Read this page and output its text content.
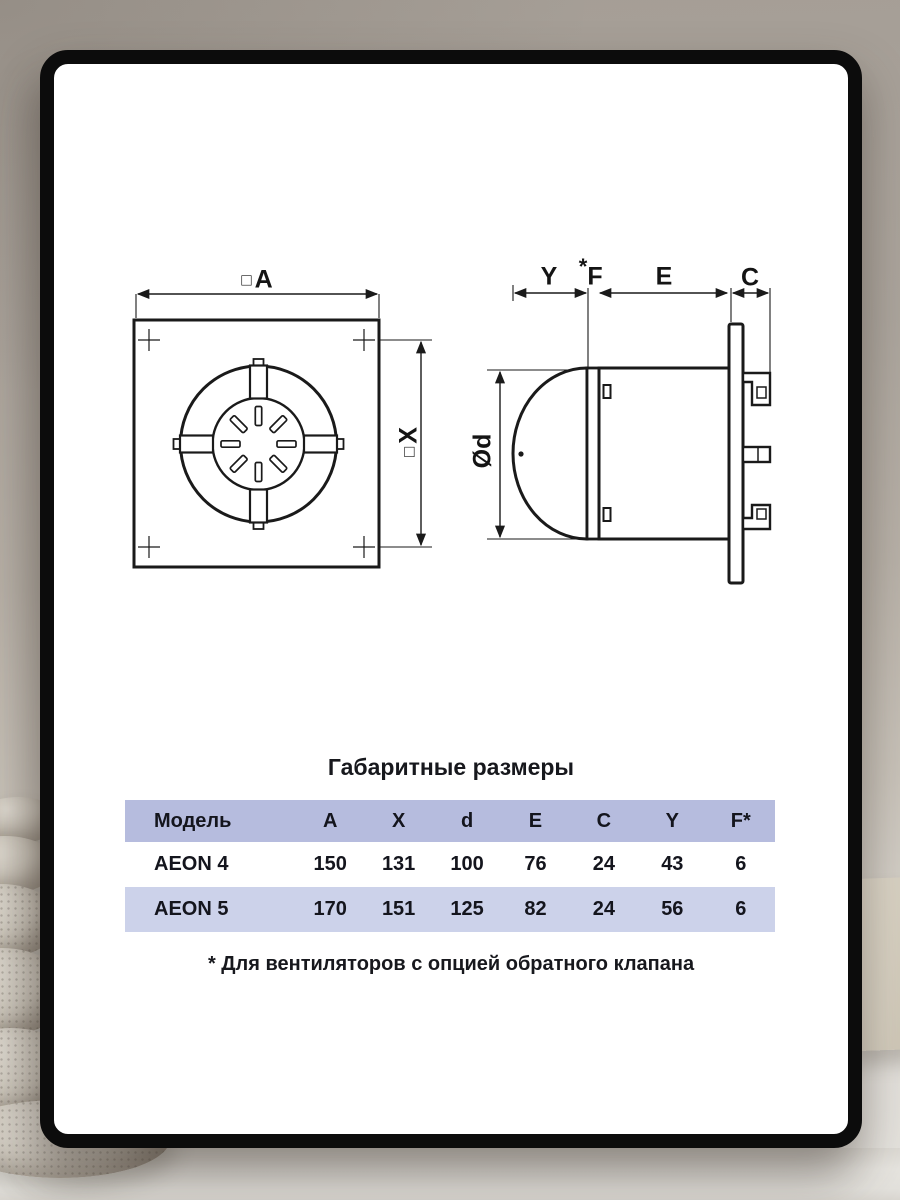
□ A
□X
Y * F E	C
Ød
Габаритные размеры
Модель	A	X	d	E	C	Y	F*
AEON 4	150	131	100	76	24	43	6
AEON 5	170	151	125	82	24	56	6
* Для вентиляторов с опцией обратного клапана
